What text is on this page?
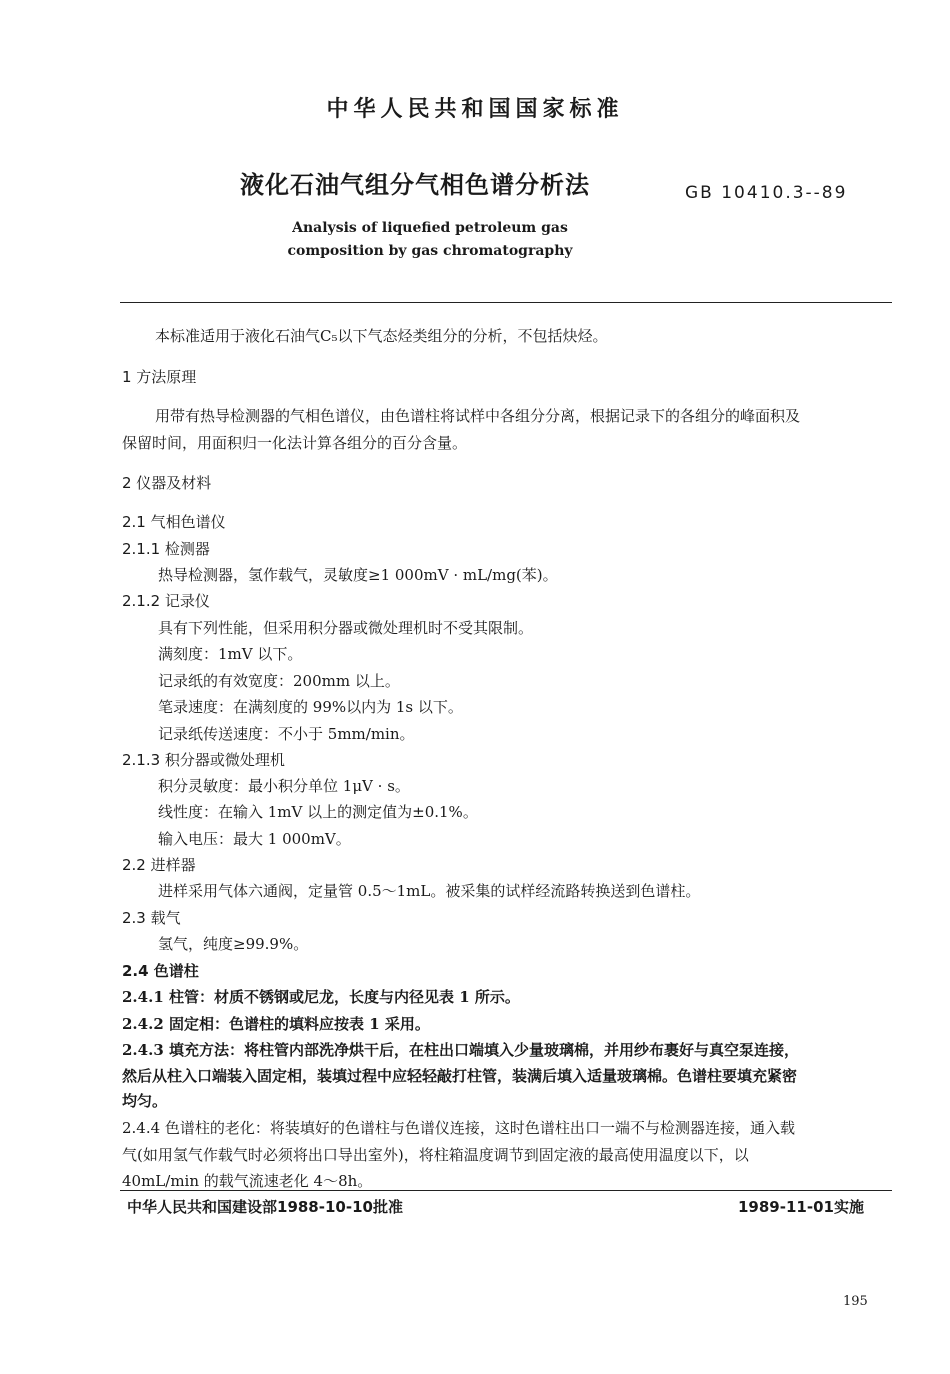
中华人民共和国国家标准
液化石油气组分气相色谱分析法	GB 10410.3--89
Analysis of liquefied petroleum gas
composition by gas chromatography
本标准适用于液化石油气C₅以下气态烃类组分的分析，不包括炔烃。
1 方法原理
用带有热导检测器的气相色谱仪，由色谱柱将试样中各组分分离，根据记录下的各组分的峰面积及
保留时间，用面积归一化法计算各组分的百分含量。
2 仪器及材料
2.1 气相色谱仪
2.1.1 检测器
热导检测器，氢作载气，灵敏度≥1 000mV · mL/mg(苯)。
2.1.2 记录仪
具有下列性能，但采用积分器或微处理机时不受其限制。
满刻度：1mV 以下。
记录纸的有效宽度：200mm 以上。
笔录速度：在满刻度的 99%以内为 1s 以下。
记录纸传送速度：不小于 5mm/min。
2.1.3 积分器或微处理机
积分灵敏度：最小积分单位 1μV · s。
线性度：在输入 1mV 以上的测定值为±0.1%。
输入电压：最大 1 000mV。
2.2 进样器
进样采用气体六通阀，定量管 0.5～1mL。被采集的试样经流路转换送到色谱柱。
2.3 载气
氢气，纯度≥99.9%。
2.4 色谱柱
2.4.1 柱管：材质不锈钢或尼龙，长度与内径见表 1 所示。
2.4.2 固定相：色谱柱的填料应按表 1 采用。
2.4.3 填充方法：将柱管内部洗净烘干后，在柱出口端填入少量玻璃棉，并用纱布裹好与真空泵连接，
然后从柱入口端装入固定相，装填过程中应轻轻敲打柱管，装满后填入适量玻璃棉。色谱柱要填充紧密
均匀。
2.4.4 色谱柱的老化：将装填好的色谱柱与色谱仪连接，这时色谱柱出口一端不与检测器连接，通入载
气(如用氢气作载气时必须将出口导出室外)，将柱箱温度调节到固定液的最高使用温度以下，以
40mL/min 的载气流速老化 4～8h。
中华人民共和国建设部1988-10-10批准	1989-11-01实施
195
